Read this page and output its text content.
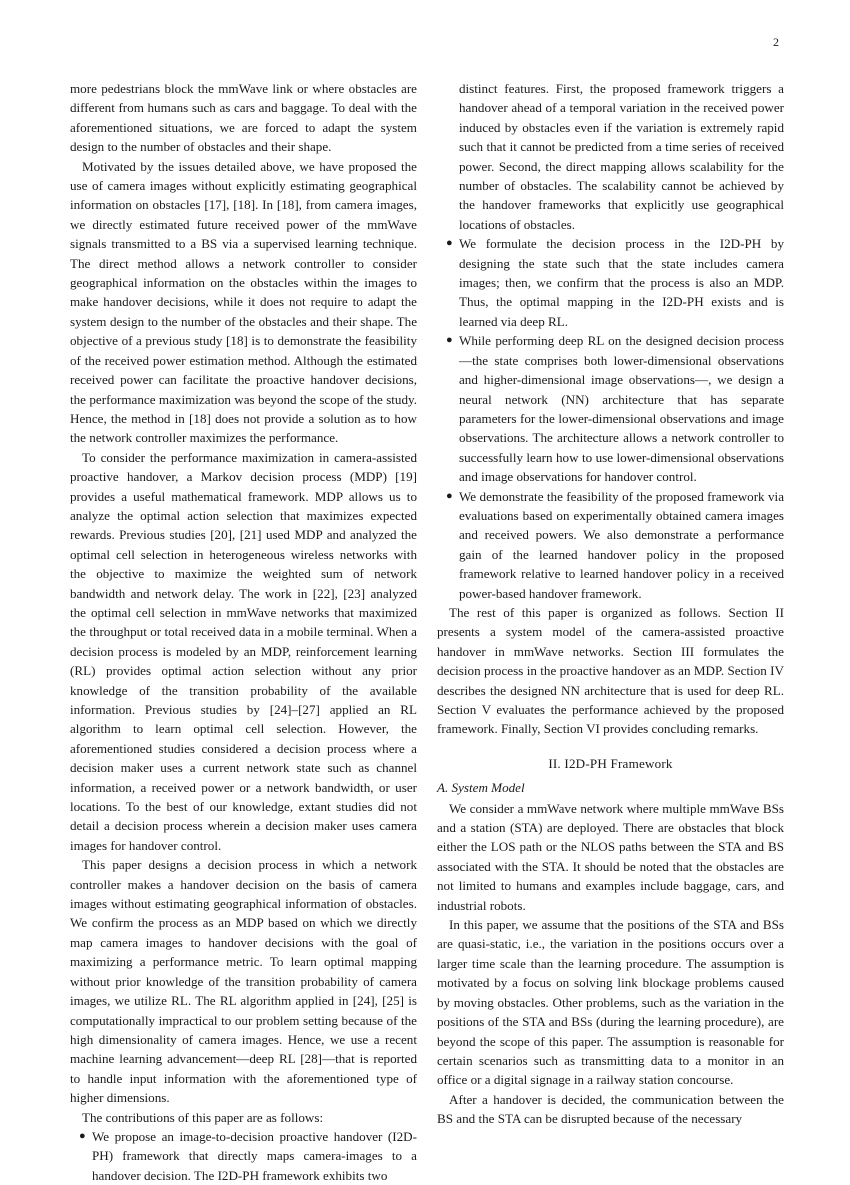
2

more pedestrians block the mmWave link or where obstacles are different from humans such as cars and baggage. To deal with the aforementioned situations, we are forced to adapt the system design to the number of obstacles and their shape.

Motivated by the issues detailed above, we have proposed the use of camera images without explicitly estimating geographical information on obstacles [17], [18]. In [18], from camera images, we directly estimated future received power of the mmWave signals transmitted to a BS via a supervised learning technique. The direct method allows a network controller to consider geographical information on the obstacles within the images to make handover decisions, while it does not require to adapt the system design to the number of the obstacles and their shape. The objective of a previous study [18] is to demonstrate the feasibility of the received power estimation method. Although the estimated received power can facilitate the proactive handover decisions, the performance maximization was beyond the scope of the study. Hence, the method in [18] does not provide a solution as to how the network controller maximizes the performance.

To consider the performance maximization in camera-assisted proactive handover, a Markov decision process (MDP) [19] provides a useful mathematical framework. MDP allows us to analyze the optimal action selection that maximizes expected rewards. Previous studies [20], [21] used MDP and analyzed the optimal cell selection in heterogeneous wireless networks with the objective to maximize the weighted sum of network bandwidth and network delay. The work in [22], [23] analyzed the optimal cell selection in mmWave networks that maximized the throughput or total received data in a mobile terminal. When a decision process is modeled by an MDP, reinforcement learning (RL) provides optimal action selection without any prior knowledge of the transition probability of the available information. Previous studies by [24]–[27] applied an RL algorithm to learn optimal cell selection. However, the aforementioned studies considered a decision process where a decision maker uses a current network state such as channel information, a received power or a network bandwidth, or user locations. To the best of our knowledge, extant studies did not detail a decision process wherein a decision maker uses camera images for handover control.

This paper designs a decision process in which a network controller makes a handover decision on the basis of camera images without estimating geographical information of obstacles. We confirm the process as an MDP based on which we directly map camera images to handover decisions with the goal of maximizing a performance metric. To learn optimal mapping without prior knowledge of the transition probability of camera images, we utilize RL. The RL algorithm applied in [24], [25] is computationally impractical to our problem setting because of the high dimensionality of camera images. Hence, we use a recent machine learning advancement—deep RL [28]—that is reported to handle input information with the aforementioned type of higher dimensions.

The contributions of this paper are as follows:

● We propose an image-to-decision proactive handover (I2D-PH) framework that directly maps camera-images to a handover decision. The I2D-PH framework exhibits two
distinct features. First, the proposed framework triggers a handover ahead of a temporal variation in the received power induced by obstacles even if the variation is extremely rapid such that it cannot be predicted from a time series of received power. Second, the direct mapping allows scalability for the number of obstacles. The scalability cannot be achieved by the handover frameworks that explicitly use geographical locations of obstacles.
● We formulate the decision process in the I2D-PH by designing the state such that the state includes camera images; then, we confirm that the process is also an MDP. Thus, the optimal mapping in the I2D-PH exists and is learned via deep RL.
● While performing deep RL on the designed decision process—the state comprises both lower-dimensional observations and higher-dimensional image observations—, we design a neural network (NN) architecture that has separate parameters for the lower-dimensional observations and image observations. The architecture allows a network controller to successfully learn how to use lower-dimensional observations and image observations for handover control.
● We demonstrate the feasibility of the proposed framework via evaluations based on experimentally obtained camera images and received powers. We also demonstrate a performance gain of the learned handover policy in the proposed framework relative to learned handover policy in a received power-based handover framework.

The rest of this paper is organized as follows. Section II presents a system model of the camera-assisted proactive handover in mmWave networks. Section III formulates the decision process in the proactive handover as an MDP. Section IV describes the designed NN architecture that is used for deep RL. Section V evaluates the performance achieved by the proposed framework. Finally, Section VI provides concluding remarks.

II. I2D-PH Framework
A. System Model

We consider a mmWave network where multiple mmWave BSs and a station (STA) are deployed. There are obstacles that block either the LOS path or the NLOS paths between the STA and BS associated with the STA. It should be noted that the obstacles are not limited to humans and examples include baggage, cars, and industrial robots.

In this paper, we assume that the positions of the STA and BSs are quasi-static, i.e., the variation in the positions occurs over a larger time scale than the learning procedure. The assumption is motivated by a focus on solving link blockage problems caused by moving obstacles. Other problems, such as the variation in the positions of the STA and BSs (during the learning procedure), are beyond the scope of this paper. The assumption is reasonable for certain scenarios such as transmitting data to a monitor in an office or a digital signage in a railway station concourse.

After a handover is decided, the communication between the BS and the STA can be disrupted because of the necessary
